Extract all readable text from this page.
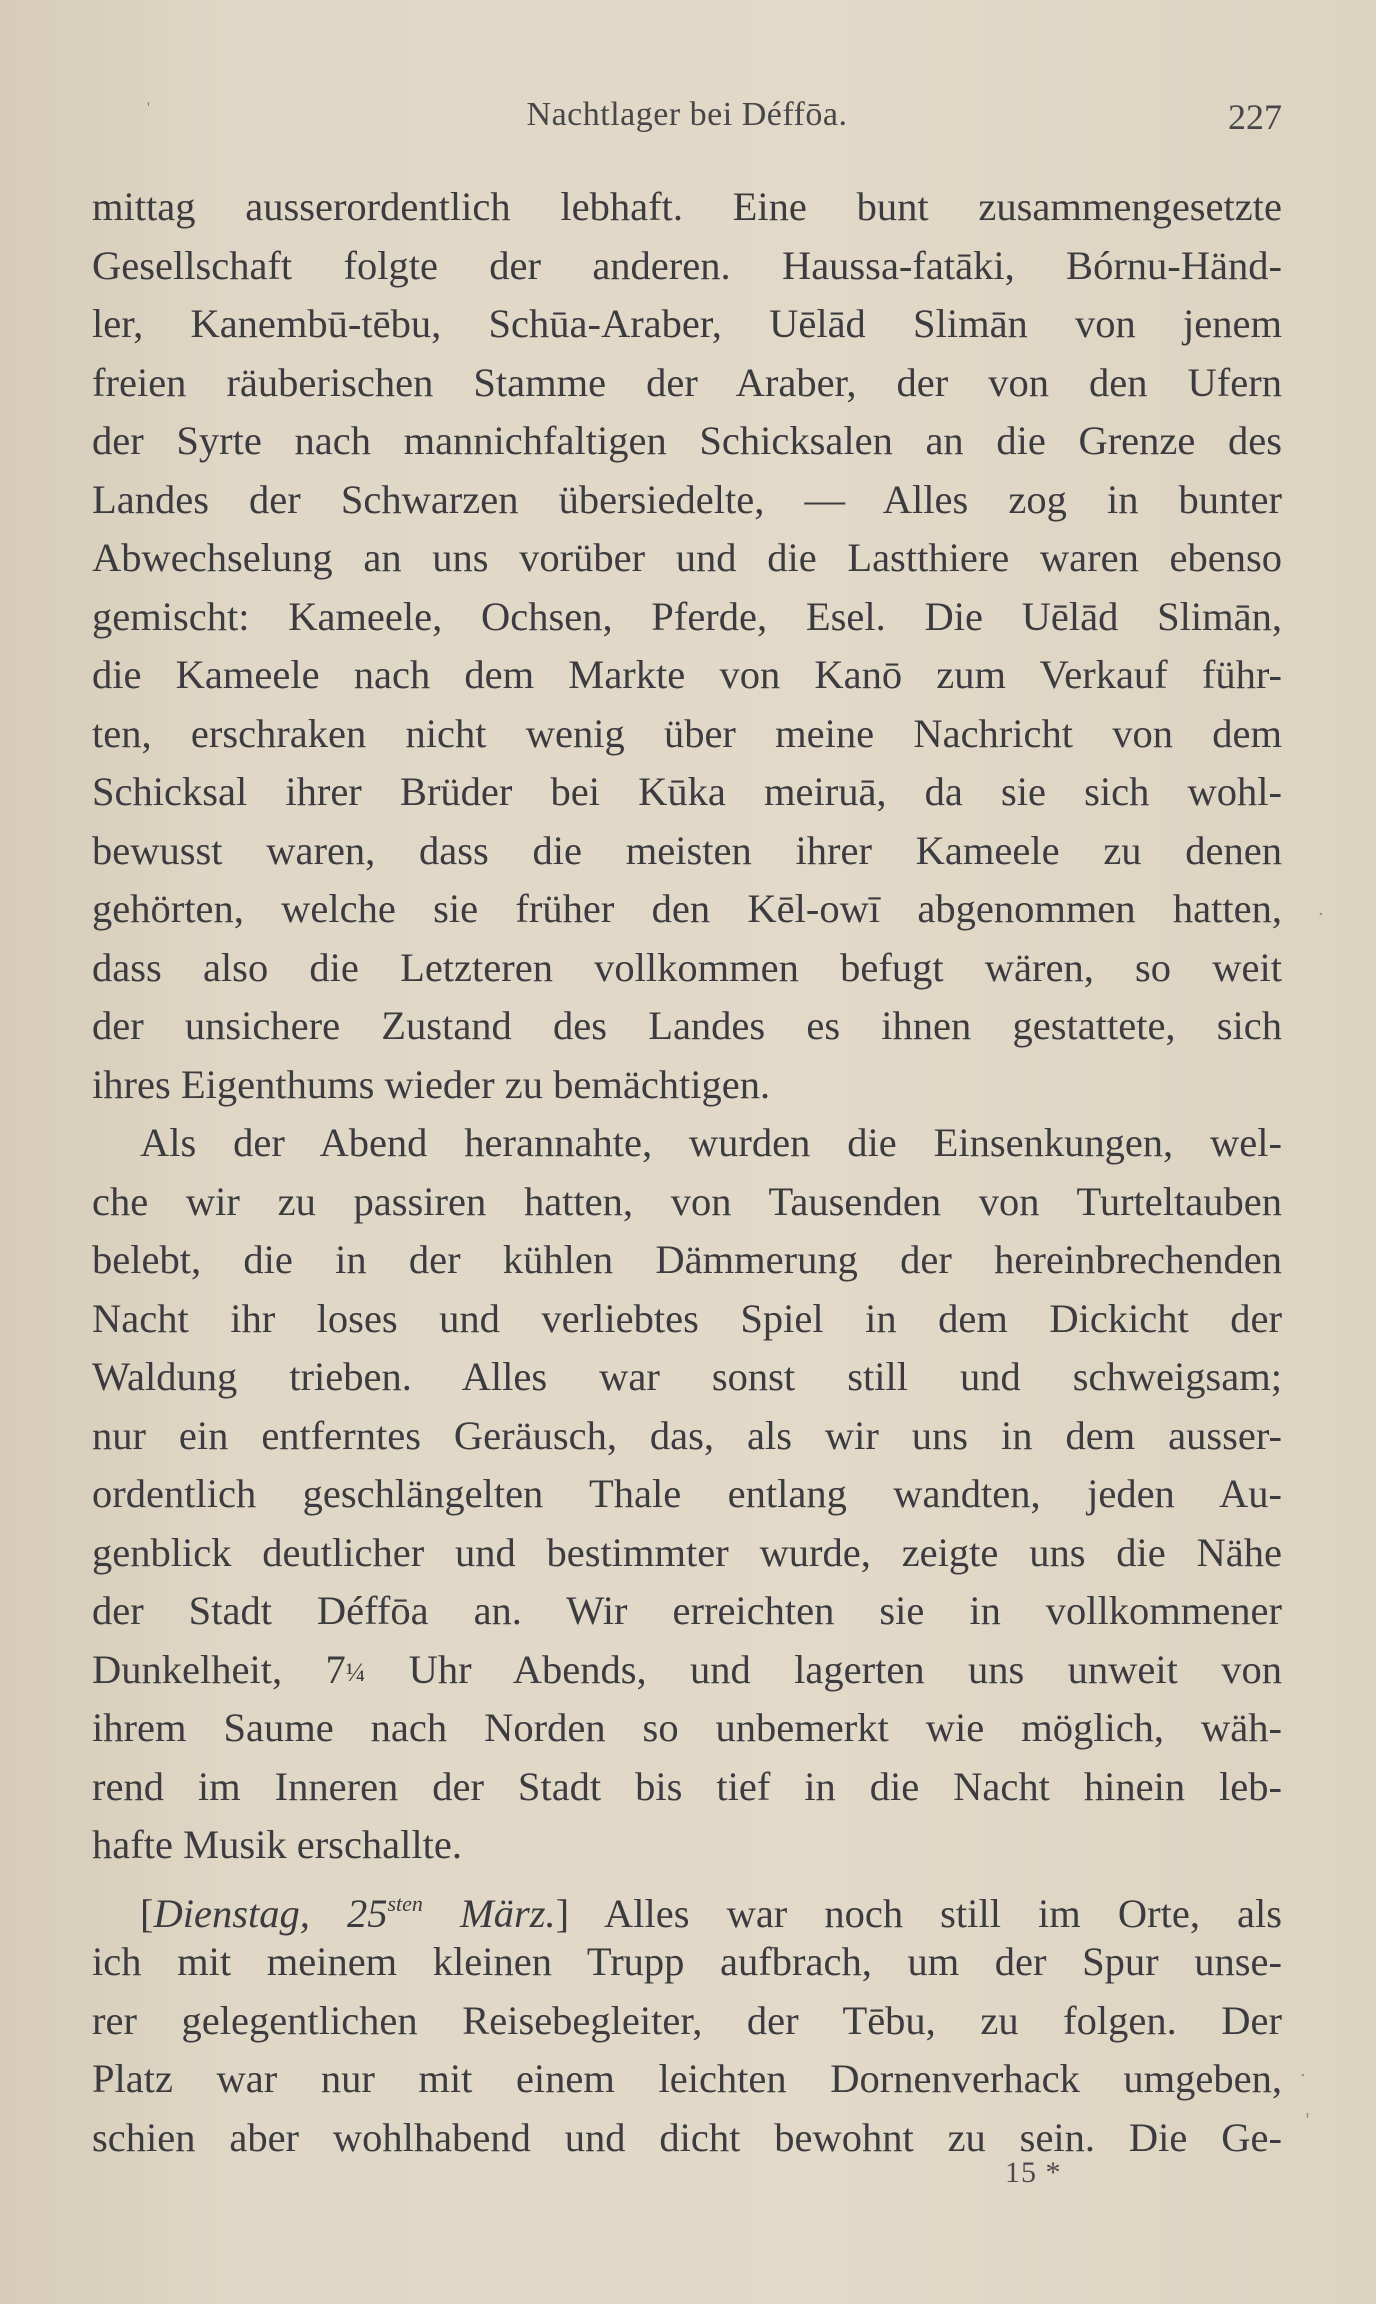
'	Nachtlager bei Déffōa.	227
mittag ausserordentlich lebhaft. Eine bunt zusammengesetzte
Gesellschaft folgte der anderen. Haussa-fatāki, Bórnu-Händ-
ler, Kanembū-tēbu, Schūa-Araber, Uēlād Slimān von jenem
freien räuberischen Stamme der Araber, der von den Ufern
der Syrte nach mannichfaltigen Schicksalen an die Grenze des
Landes der Schwarzen übersiedelte, — Alles zog in bunter
Abwechselung an uns vorüber und die Lastthiere waren ebenso
gemischt: Kameele, Ochsen, Pferde, Esel. Die Uēlād Slimān,
die Kameele nach dem Markte von Kanō zum Verkauf führ-
ten, erschraken nicht wenig über meine Nachricht von dem
Schicksal ihrer Brüder bei Kūka meiruā, da sie sich wohl-
bewusst waren, dass die meisten ihrer Kameele zu denen
gehörten, welche sie früher den Kēl-owī abgenommen hatten,
dass also die Letzteren vollkommen befugt wären, so weit
der unsichere Zustand des Landes es ihnen gestattete, sich
ihres Eigenthums wieder zu bemächtigen.
Als der Abend herannahte, wurden die Einsenkungen, wel-
che wir zu passiren hatten, von Tausenden von Turteltauben
belebt, die in der kühlen Dämmerung der hereinbrechenden
Nacht ihr loses und verliebtes Spiel in dem Dickicht der
Waldung trieben. Alles war sonst still und schweigsam;
nur ein entferntes Geräusch, das, als wir uns in dem ausser-
ordentlich geschlängelten Thale entlang wandten, jeden Au-
genblick deutlicher und bestimmter wurde, zeigte uns die Nähe
der Stadt Déffōa an. Wir erreichten sie in vollkommener
Dunkelheit, 7¼ Uhr Abends, und lagerten uns unweit von
ihrem Saume nach Norden so unbemerkt wie möglich, wäh-
rend im Inneren der Stadt bis tief in die Nacht hinein leb-
hafte Musik erschallte.
[Dienstag, $25^{sten}$ März.] Alles war noch still im Orte, als
ich mit meinem kleinen Trupp aufbrach, um der Spur unse-
rer gelegentlichen Reisebegleiter, der Tēbu, zu folgen. Der
Platz war nur mit einem leichten Dornenverhack umgeben,
schien aber wohlhabend und dicht bewohnt zu sein. Die Ge-
15 *
·
.
'
